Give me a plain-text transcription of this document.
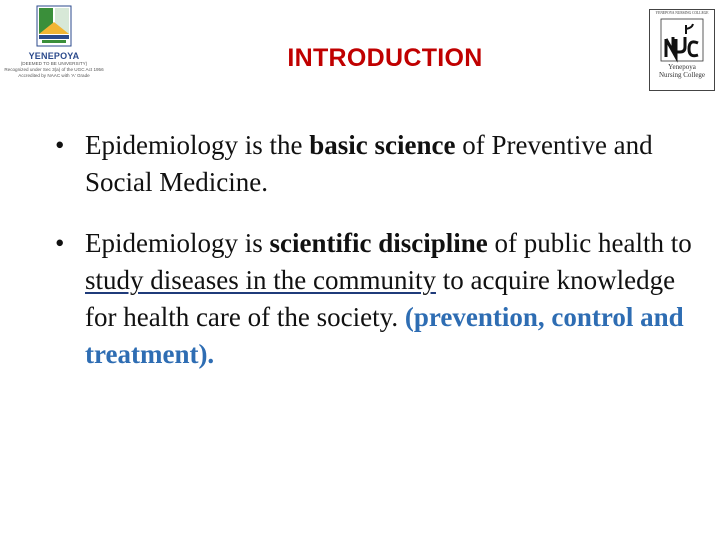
YENEPOYA
(DEEMED TO BE UNIVERSITY)
Recognized under Sec 3(a) of the UGC Act 1956
Accredited by NAAC with 'A' Grade
INTRODUCTION
YENEPOYA NURSING COLLEGE
Yenepoya
Nursing College
• Epidemiology is the basic science of Preventive and Social Medicine.
• Epidemiology is scientific discipline of public health to study diseases in the community to acquire knowledge for health care of the society. (prevention, control and treatment).
